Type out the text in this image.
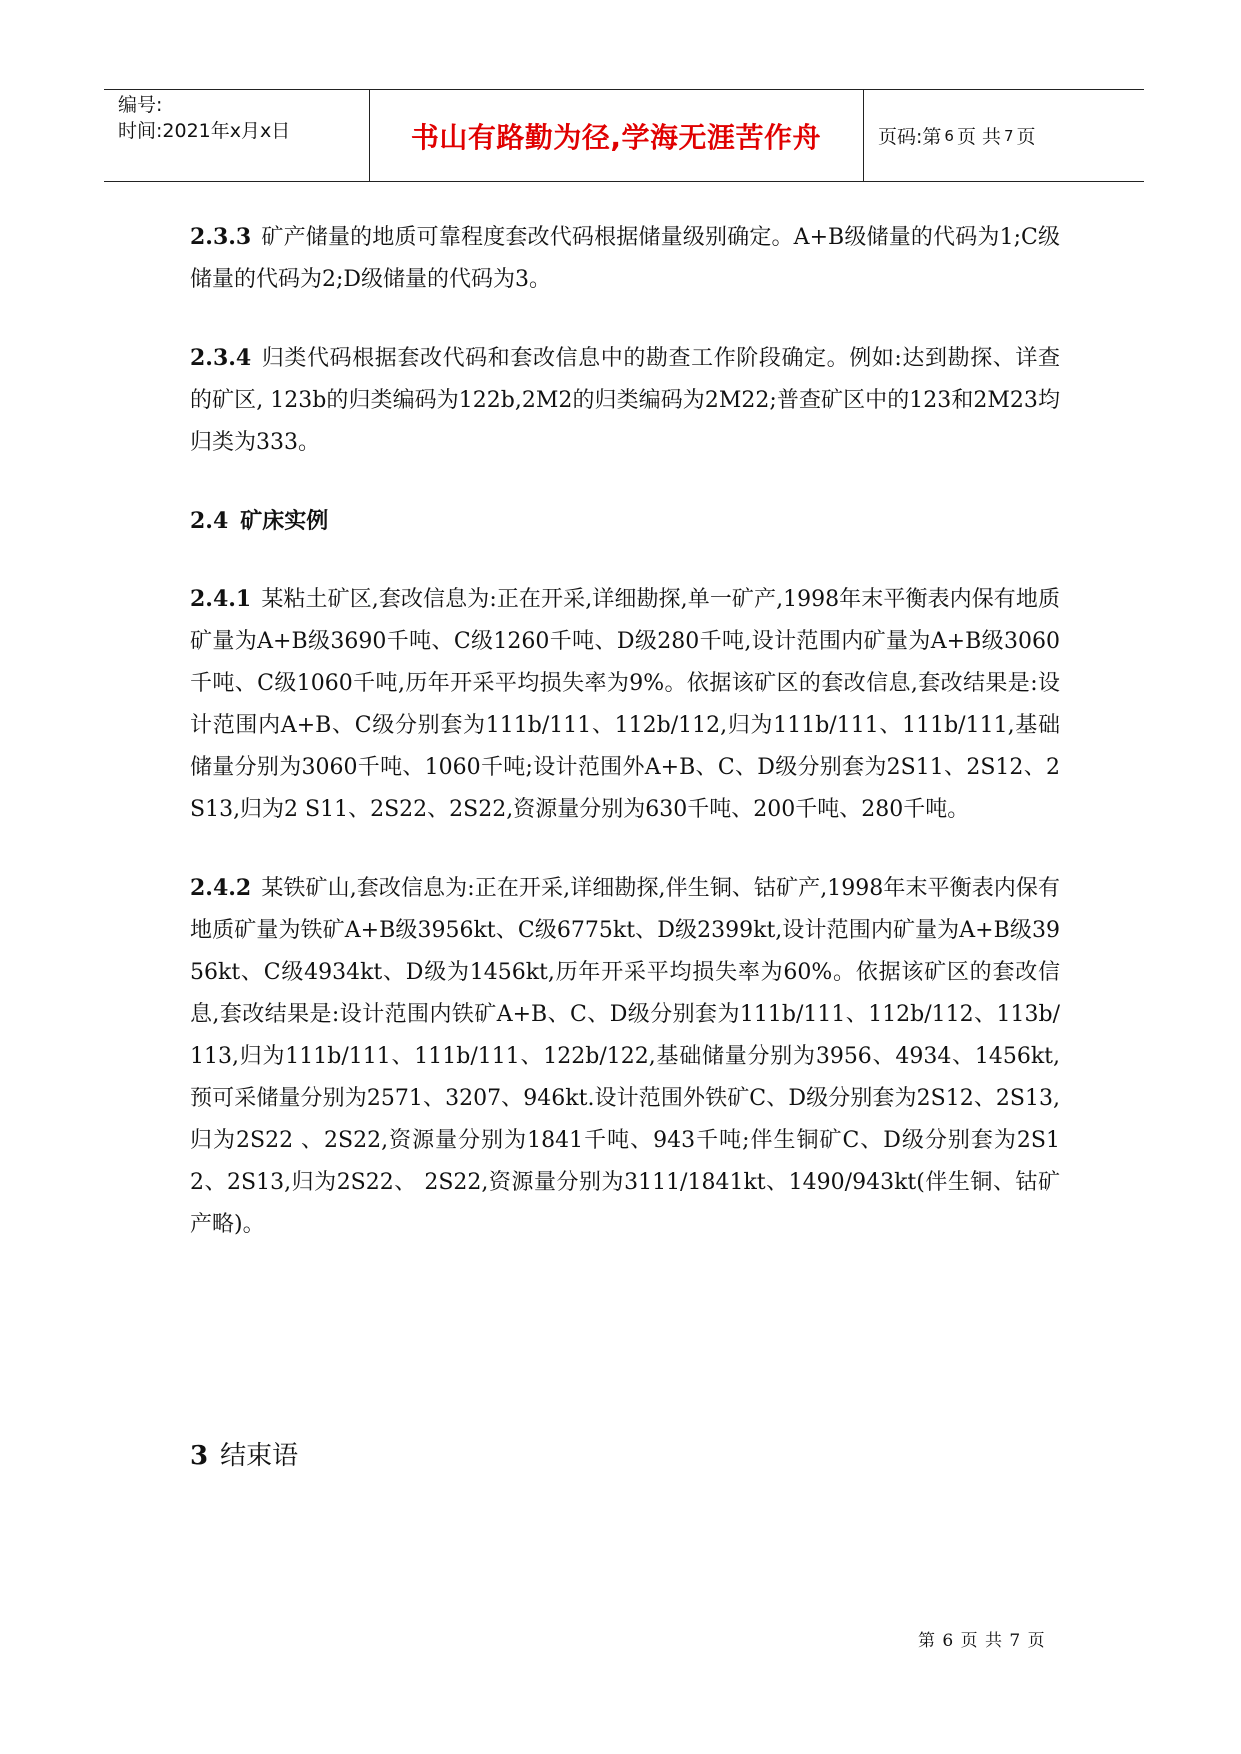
编号:
时间:2021年x月x日	书山有路勤为径,学海无涯苦作舟	页码:第 6 页 共 7 页

2.3.3 矿产储量的地质可靠程度套改代码根据储量级别确定。A+B级储量的代码为1;C级储量的代码为2;D级储量的代码为3。

2.3.4 归类代码根据套改代码和套改信息中的勘查工作阶段确定。例如:达到勘探、详查的矿区, 123b的归类编码为122b,2M2的归类编码为2M22;普查矿区中的123和2M23均归类为333。

2.4 矿床实例

2.4.1 某粘土矿区,套改信息为:正在开采,详细勘探,单一矿产,1998年末平衡表内保有地质矿量为A+B级3690千吨、C级1260千吨、D级280千吨,设计范围内矿量为A+B级3060千吨、C级1060千吨,历年开采平均损失率为9%。依据该矿区的套改信息,套改结果是:设计范围内A+B、C级分别套为111b/111、112b/112,归为111b/111、111b/111,基础储量分别为3060千吨、1060千吨;设计范围外A+B、C、D级分别套为2S11、2S12、2S13,归为2 S11、2S22、2S22,资源量分别为630千吨、200千吨、280千吨。

2.4.2 某铁矿山,套改信息为:正在开采,详细勘探,伴生铜、钴矿产,1998年末平衡表内保有地质矿量为铁矿A+B级3956kt、C级6775kt、D级2399kt,设计范围内矿量为A+B级3956kt、C级4934kt、D级为1456kt,历年开采平均损失率为60%。依据该矿区的套改信息,套改结果是:设计范围内铁矿A+B、C、D级分别套为111b/111、112b/112、113b/113,归为111b/111、111b/111、122b/122,基础储量分别为3956、4934、1456kt,预可采储量分别为2571、3207、946kt.设计范围外铁矿C、D级分别套为2S12、2S13,归为2S22 、2S22,资源量分别为1841千吨、943千吨;伴生铜矿C、D级分别套为2S12、2S13,归为2S22、 2S22,资源量分别为3111/1841kt、1490/943kt(伴生铜、钴矿产略)。

3 结束语
第 6 页 共 7 页
